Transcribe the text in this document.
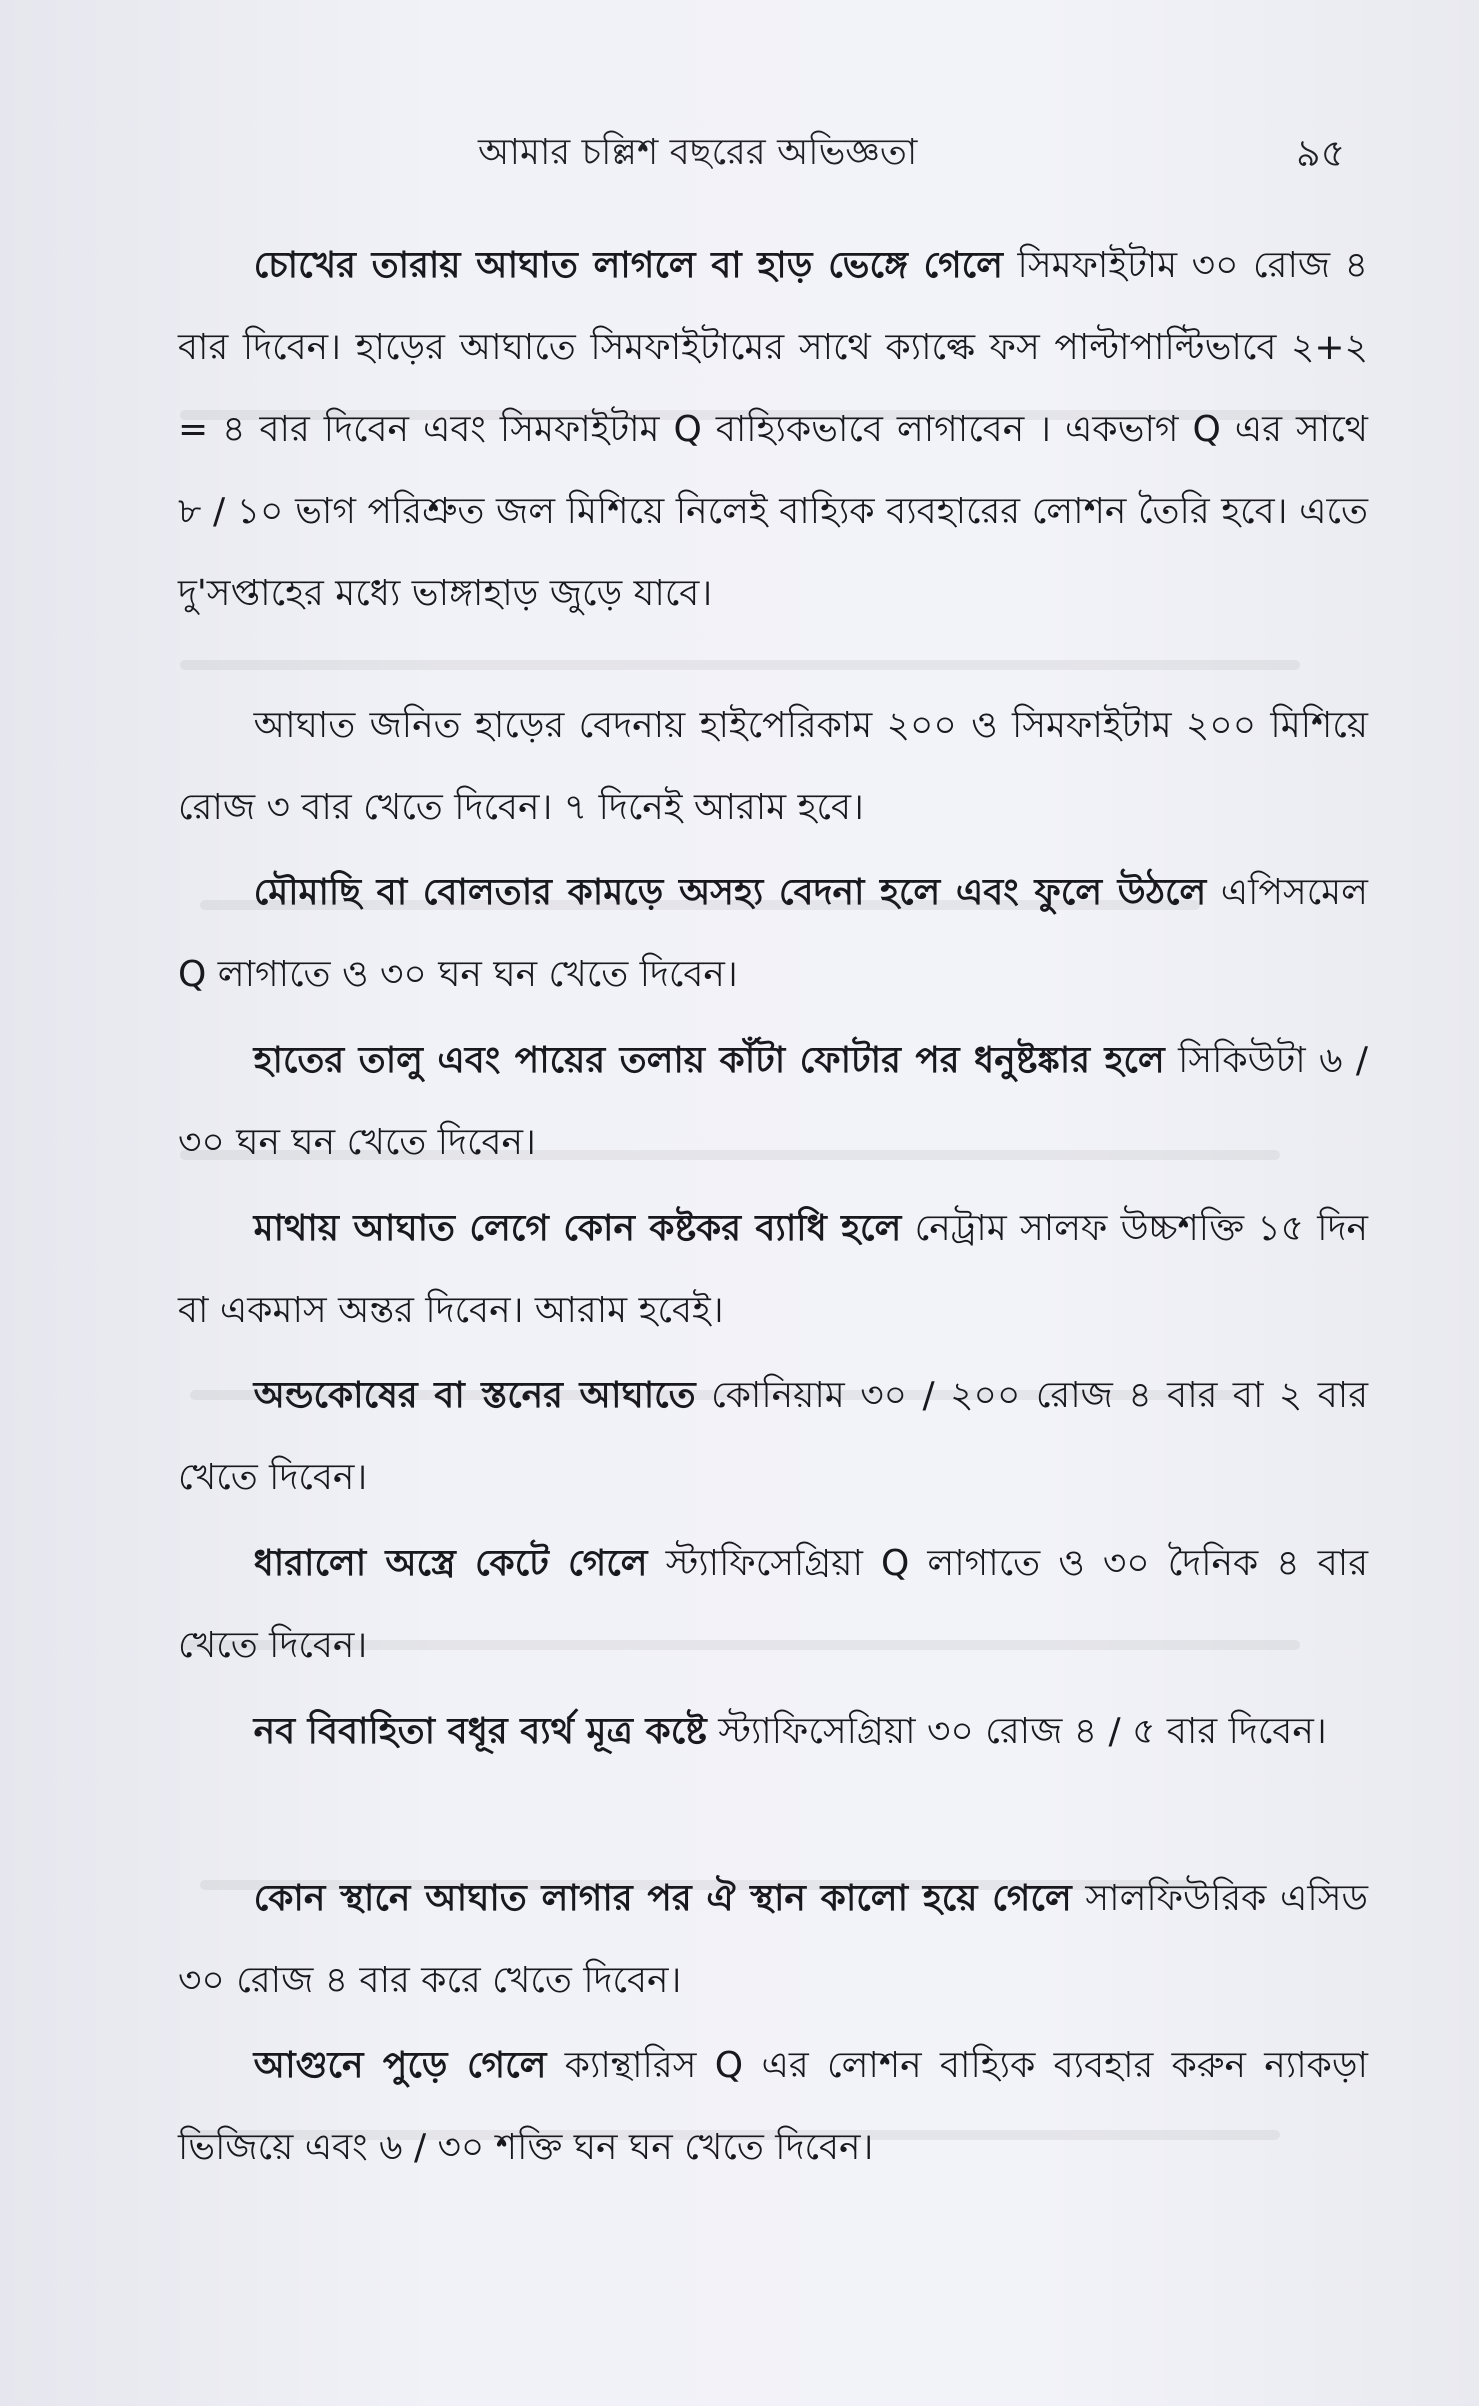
আমার চল্লিশ বছরের অভিজ্ঞতা	৯৫

চোখের তারায় আঘাত লাগলে বা হাড় ভেঙ্গে গেলে সিমফাইটাম ৩০ রোজ ৪ বার দিবেন। হাড়ের আঘাতে সিমফাইটামের সাথে ক্যাল্কে ফস পাল্টাপাল্টিভাবে ২+২ = ৪ বার দিবেন এবং সিমফাইটাম Q বাহ্যিকভাবে লাগাবেন । একভাগ Q এর সাথে ৮ / ১০ ভাগ পরিশ্রুত জল মিশিয়ে নিলেই বাহ্যিক ব্যবহারের লোশন তৈরি হবে। এতে দু'সপ্তাহের মধ্যে ভাঙ্গাহাড় জুড়ে যাবে।

আঘাত জনিত হাড়ের বেদনায় হাইপেরিকাম ২০০ ও সিমফাইটাম ২০০ মিশিয়ে রোজ ৩ বার খেতে দিবেন। ৭ দিনেই আরাম হবে।

মৌমাছি বা বোলতার কামড়ে অসহ্য বেদনা হলে এবং ফুলে উঠলে এপিসমেল Q লাগাতে ও ৩০ ঘন ঘন খেতে দিবেন।

হাতের তালু এবং পায়ের তলায় কাঁটা ফোটার পর ধনুষ্টঙ্কার হলে সিকিউটা ৬ / ৩০ ঘন ঘন খেতে দিবেন।

মাথায় আঘাত লেগে কোন কষ্টকর ব্যাধি হলে নেট্রাম সালফ উচ্চশক্তি ১৫ দিন বা একমাস অন্তর দিবেন। আরাম হবেই।

অন্ডকোষের বা স্তনের আঘাতে কোনিয়াম ৩০ / ২০০ রোজ ৪ বার বা ২ বার খেতে দিবেন।

ধারালো অস্ত্রে কেটে গেলে স্ট্যাফিসেগ্রিয়া Q লাগাতে ও ৩০ দৈনিক ৪ বার খেতে দিবেন।

নব বিবাহিতা বধূর ব্যর্থ মূত্র কষ্টে স্ট্যাফিসেগ্রিয়া ৩০ রোজ ৪ / ৫ বার দিবেন।

কোন স্থানে আঘাত লাগার পর ঐ স্থান কালো হয়ে গেলে সালফিউরিক এসিড ৩০ রোজ ৪ বার করে খেতে দিবেন।

আগুনে পুড়ে গেলে ক্যান্থারিস Q এর লোশন বাহ্যিক ব্যবহার করুন ন্যাকড়া ভিজিয়ে এবং ৬ / ৩০ শক্তি ঘন ঘন খেতে দিবেন।
